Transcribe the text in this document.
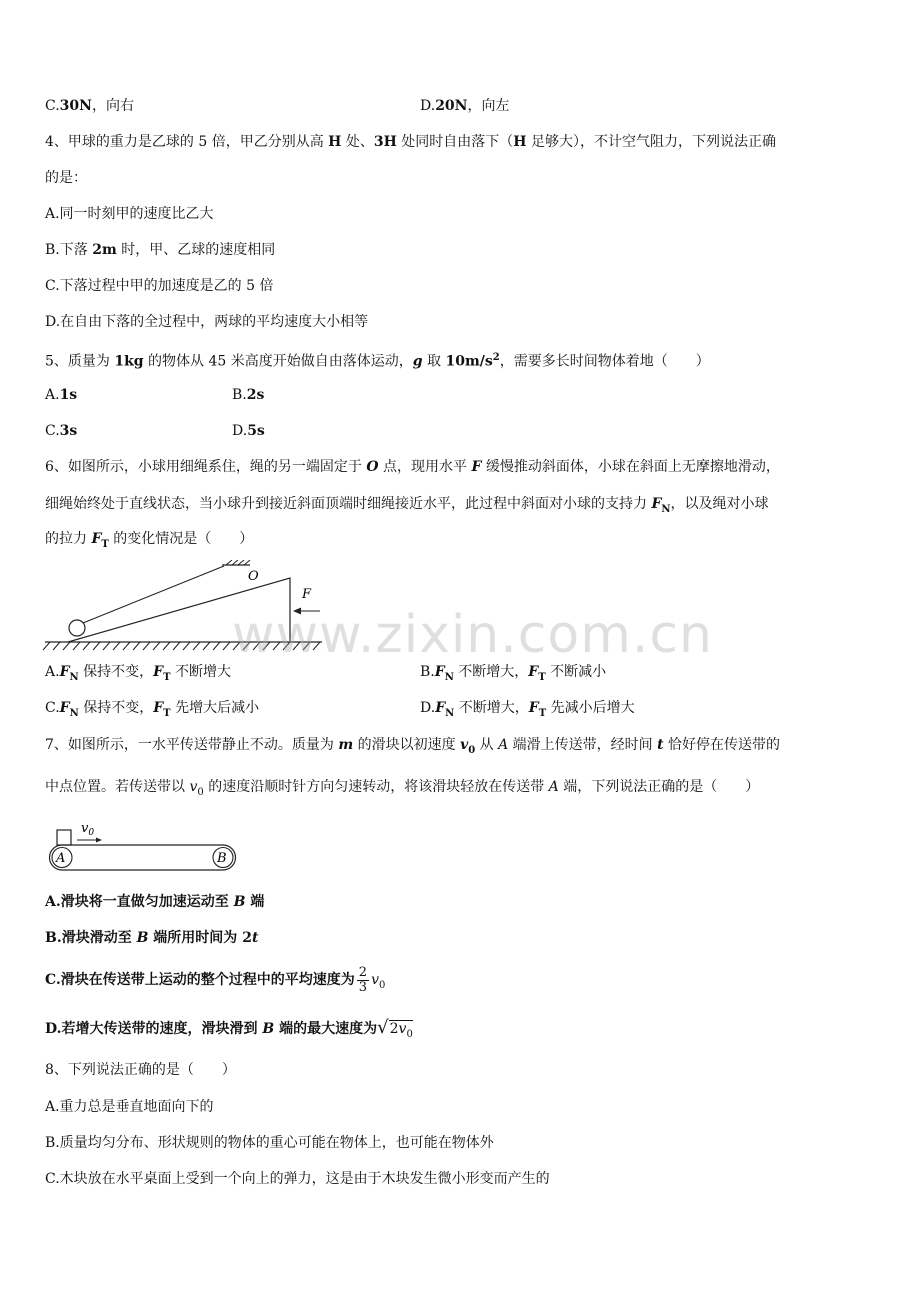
C.30N，向右	D.20N，向左
4、甲球的重力是乙球的 5 倍，甲乙分别从高 H 处、3H 处同时自由落下（H 足够大），不计空气阻力，下列说法正确
的是：
A.同一时刻甲的速度比乙大
B.下落 2m 时，甲、乙球的速度相同
C.下落过程中甲的加速度是乙的 5 倍
D.在自由下落的全过程中，两球的平均速度大小相等
5、质量为 1kg 的物体从 45 米高度开始做自由落体运动，g 取 $10m/s^2$，需要多长时间物体着地（　　）
A.1s	B.2s
C.3s	D.5s
6、如图所示，小球用细绳系住，绳的另一端固定于 O 点，现用水平 F 缓慢推动斜面体，小球在斜面上无摩擦地滑动，
细绳始终处于直线状态，当小球升到接近斜面顶端时细绳接近水平，此过程中斜面对小球的支持力 $F_N$，以及绳对小球
的拉力 $F_T$ 的变化情况是（　　）
O
F
www.zixin.com.cn
$A.F_N$ 保持不变，$F_T$ 不断增大	$B.F_N$ 不断增大，$F_T$ 不断减小
$C.F_N$ 保持不变，$F_T$ 先增大后减小	$D.F_N$ 不断增大，$F_T$ 先减小后增大
7、如图所示，一水平传送带静止不动。质量为 m 的滑块以初速度 $v_0$ 从 A 端滑上传送带，经时间 t 恰好停在传送带的
中点位置。若传送带以 $v_0$ 的速度沿顺时针方向匀速转动，将该滑块轻放在传送带 A 端，下列说法正确的是（　　）
$v_0$
A	B
A.滑块将一直做匀加速运动至 B 端
B.滑块滑动至 B 端所用时间为 2t
C.滑块在传送带上运动的整个过程中的平均速度为 $\frac{2}{3} v_0$
D.若增大传送带的速度，滑块滑到 B 端的最大速度为$√2v_0$
8、下列说法正确的是（　　）
A.重力总是垂直地面向下的
B.质量均匀分布、形状规则的物体的重心可能在物体上，也可能在物体外
C.木块放在水平桌面上受到一个向上的弹力，这是由于木块发生微小形变而产生的
